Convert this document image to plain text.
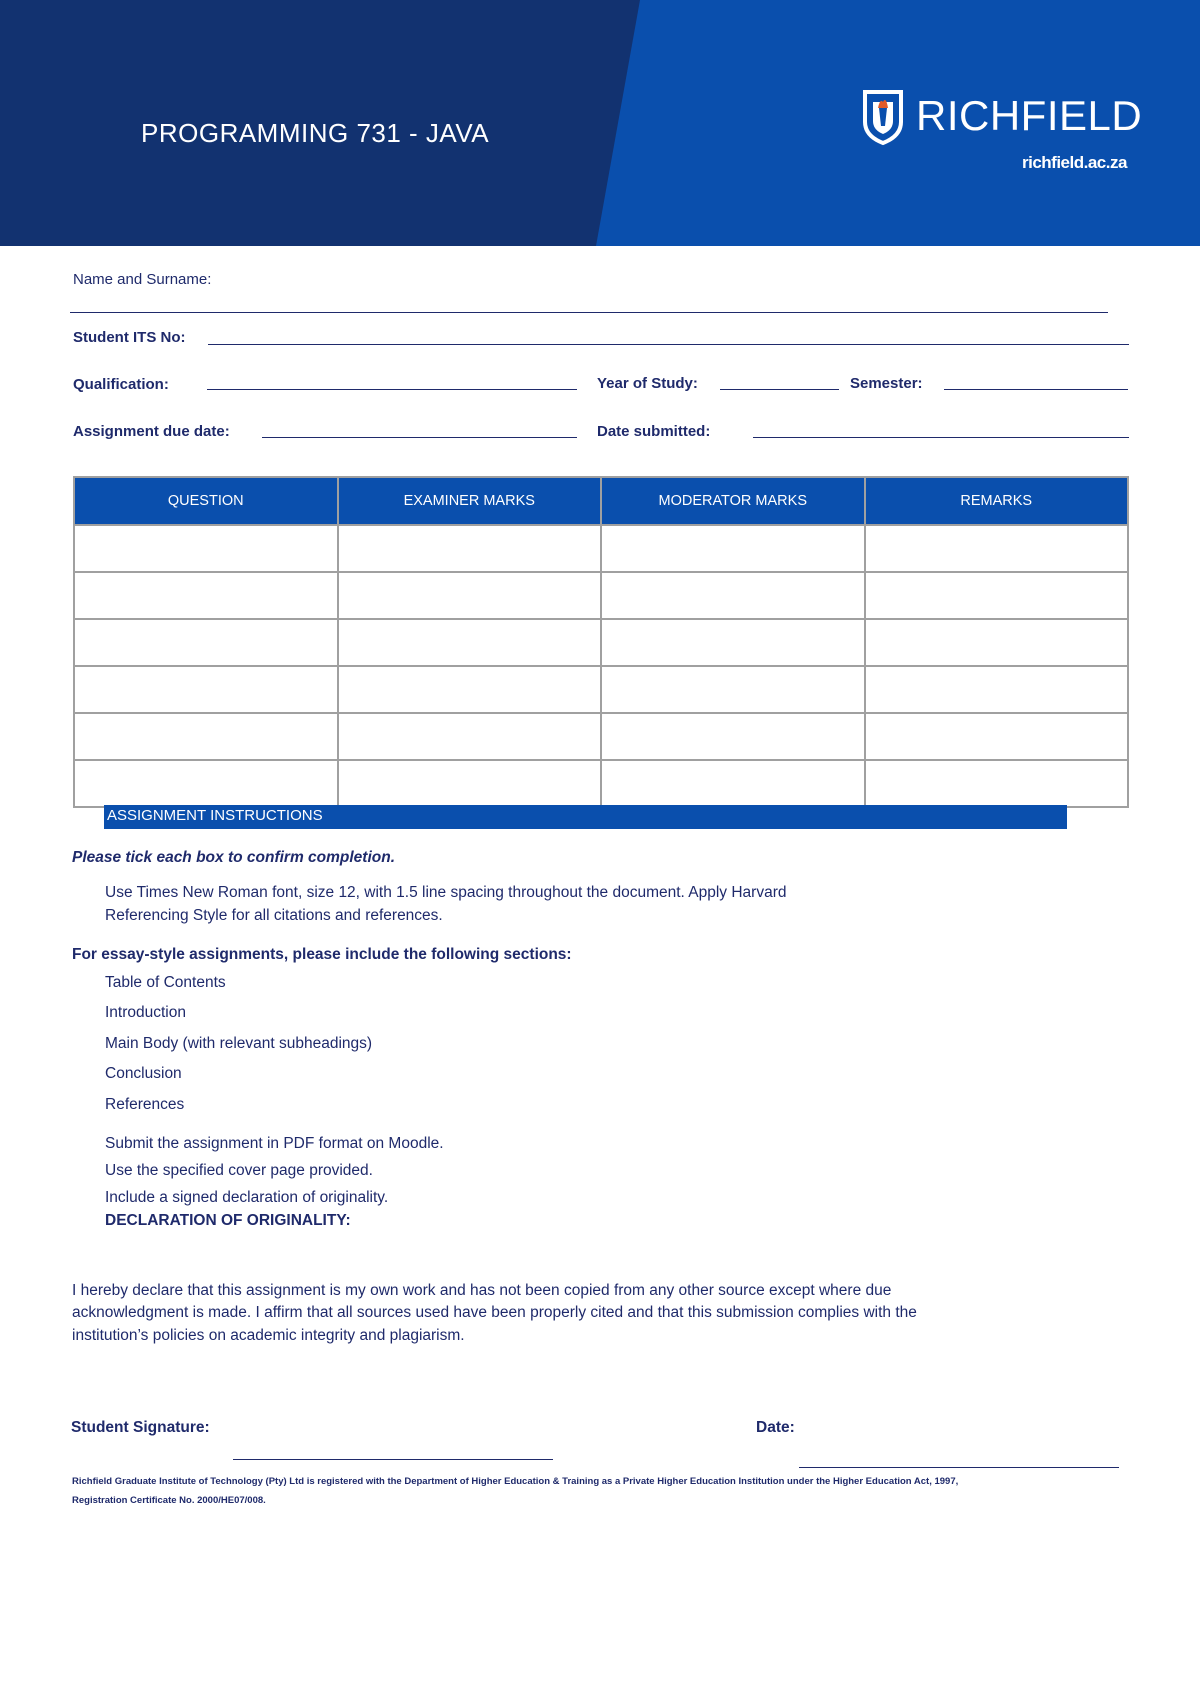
PROGRAMMING 731 - JAVA	RICHFIELD
richfield.ac.za
Name and Surname:
Student ITS No:
Qualification:	Year of Study:	Semester:
Assignment due date:	Date submitted:
QUESTION	EXAMINER MARKS	MODERATOR MARKS	REMARKS

ASSIGNMENT INSTRUCTIONS
Please tick each box to confirm completion.
Use Times New Roman font, size 12, with 1.5 line spacing throughout the document. Apply Harvard
Referencing Style for all citations and references.
For essay-style assignments, please include the following sections:
Table of Contents
Introduction
Main Body (with relevant subheadings)
Conclusion
References
Submit the assignment in PDF format on Moodle.
Use the specified cover page provided.
Include a signed declaration of originality.
DECLARATION OF ORIGINALITY:
I hereby declare that this assignment is my own work and has not been copied from any other source except where due
acknowledgment is made. I affirm that all sources used have been properly cited and that this submission complies with the
institution’s policies on academic integrity and plagiarism.
Student Signature:	Date:
Richfield Graduate Institute of Technology (Pty) Ltd is registered with the Department of Higher Education & Training as a Private Higher Education Institution under the Higher Education Act, 1997,
Registration Certificate No. 2000/HE07/008.
